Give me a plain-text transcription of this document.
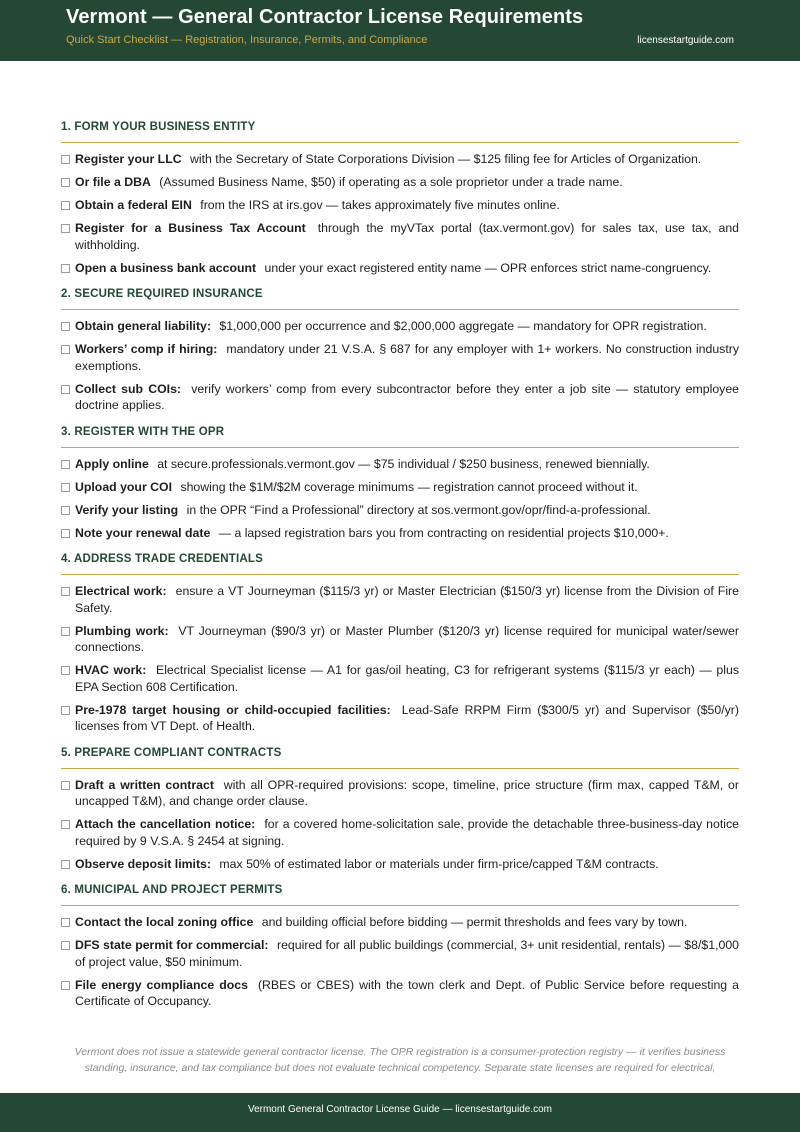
Vermont — General Contractor License Requirements
Quick Start Checklist — Registration, Insurance, Permits, and Compliance	licensestartguide.com
1. FORM YOUR BUSINESS ENTITY
Register your LLC with the Secretary of State Corporations Division — $125 filing fee for Articles of Organization.
Or file a DBA (Assumed Business Name, $50) if operating as a sole proprietor under a trade name.
Obtain a federal EIN from the IRS at irs.gov — takes approximately five minutes online.
Register for a Business Tax Account through the myVTax portal (tax.vermont.gov) for sales tax, use tax, and withholding.
Open a business bank account under your exact registered entity name — OPR enforces strict name-congruency.
2. SECURE REQUIRED INSURANCE
Obtain general liability: $1,000,000 per occurrence and $2,000,000 aggregate — mandatory for OPR registration.
Workers’ comp if hiring: mandatory under 21 V.S.A. § 687 for any employer with 1+ workers. No construction industry exemptions.
Collect sub COIs: verify workers’ comp from every subcontractor before they enter a job site — statutory employee doctrine applies.
3. REGISTER WITH THE OPR
Apply online at secure.professionals.vermont.gov — $75 individual / $250 business, renewed biennially.
Upload your COI showing the $1M/$2M coverage minimums — registration cannot proceed without it.
Verify your listing in the OPR “Find a Professional” directory at sos.vermont.gov/opr/find-a-professional.
Note your renewal date — a lapsed registration bars you from contracting on residential projects $10,000+.
4. ADDRESS TRADE CREDENTIALS
Electrical work: ensure a VT Journeyman ($115/3 yr) or Master Electrician ($150/3 yr) license from the Division of Fire Safety.
Plumbing work: VT Journeyman ($90/3 yr) or Master Plumber ($120/3 yr) license required for municipal water/sewer connections.
HVAC work: Electrical Specialist license — A1 for gas/oil heating, C3 for refrigerant systems ($115/3 yr each) — plus EPA Section 608 Certification.
Pre-1978 target housing or child-occupied facilities: Lead-Safe RRPM Firm ($300/5 yr) and Supervisor ($50/yr) licenses from VT Dept. of Health.
5. PREPARE COMPLIANT CONTRACTS
Draft a written contract with all OPR-required provisions: scope, timeline, price structure (firm max, capped T&M, or uncapped T&M), and change order clause.
Attach the cancellation notice: for a covered home-solicitation sale, provide the detachable three-business-day notice required by 9 V.S.A. § 2454 at signing.
Observe deposit limits: max 50% of estimated labor or materials under firm-price/capped T&M contracts.
6. MUNICIPAL AND PROJECT PERMITS
Contact the local zoning office and building official before bidding — permit thresholds and fees vary by town.
DFS state permit for commercial: required for all public buildings (commercial, 3+ unit residential, rentals) — $8/$1,000 of project value, $50 minimum.
File energy compliance docs (RBES or CBES) with the town clerk and Dept. of Public Service before requesting a Certificate of Occupancy.
Vermont does not issue a statewide general contractor license. The OPR registration is a consumer-protection registry — it verifies business standing, insurance, and tax compliance but does not evaluate technical competency. Separate state licenses are required for electrical,
Vermont General Contractor License Guide — licensestartguide.com
